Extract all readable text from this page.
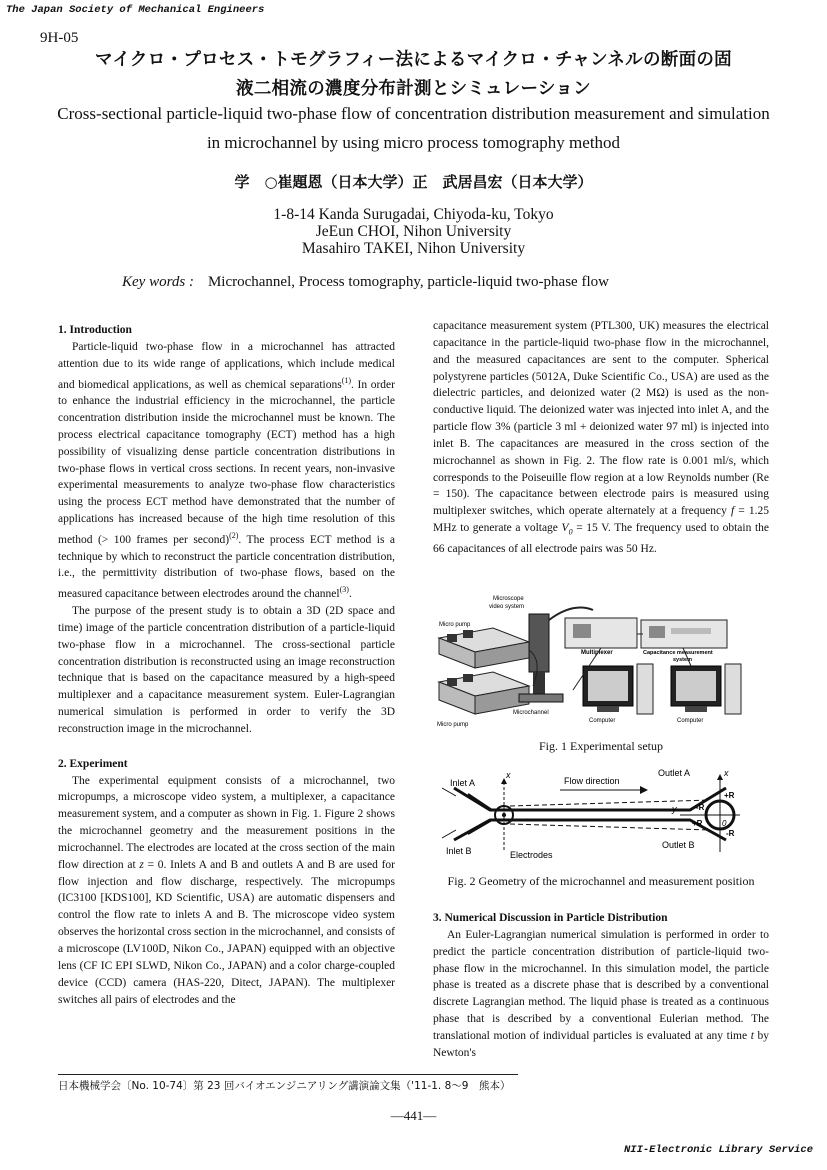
The Japan Society of Mechanical Engineers
9H-05
マイクロ・プロセス・トモグラフィー法によるマイクロ・チャンネルの断面の固
液二相流の濃度分布計測とシミュレーション
Cross-sectional particle-liquid two-phase flow of concentration distribution measurement and simulation
in microchannel by using micro process tomography method
学　○崔題恩（日本大学）正　武居昌宏（日本大学）
1-8-14 Kanda Surugadai, Chiyoda-ku, Tokyo
JeEun CHOI, Nihon University
Masahiro TAKEI, Nihon University
Key words : Microchannel, Process tomography, particle-liquid two-phase flow
1. Introduction

Particle-liquid two-phase flow in a microchannel has attracted attention due to its wide range of applications, which include medical and biomedical applications, as well as chemical separations$^{(1)}$. In order to enhance the industrial efficiency in the microchannel, the particle concentration distribution inside the microchannel must be known. The process electrical capacitance tomography (ECT) method has a high possibility of visualizing dense particle concentration distributions in two-phase flows in vertical cross sections. In recent years, non-invasive experimental measurements to analyze two-phase flow characteristics using the process ECT method have demonstrated that the number of applications has increased because of the high time resolution of this method (> 100 frames per second)$^{(2)}$. The process ECT method is a technique by which to reconstruct the particle concentration distribution, i.e., the permittivity distribution of two-phase flows, based on the measured capacitance between electrodes around the channel$^{(3)}$.

The purpose of the present study is to obtain a 3D (2D space and time) image of the particle concentration distribution of a particle-liquid two-phase flow in a microchannel. The cross-sectional particle concentration distribution is reconstructed using an image reconstruction technique that is based on the capacitance measured by a high-speed multiplexer and a capacitance measurement system. Euler-Lagrangian numerical simulation is performed in order to verify the 3D reconstruction image in the microchannel.

2. Experiment

The experimental equipment consists of a microchannel, two micropumps, a microscope video system, a multiplexer, a capacitance measurement system, and a computer as shown in Fig. 1. Figure 2 shows the microchannel geometry and the measurement positions in the microchannel. The electrodes are located at the cross section of the main flow direction at z = 0. Inlets A and B and outlets A and B are used for flow injection and flow discharge, respectively. The micropumps (IC3100 [KDS100], KD Scientific, USA) are automatic dispensers and control the flow rate to inlets A and B. The microscope video system observes the horizontal cross section in the microchannel, and consists of a microscope (LV100D, Nikon Co., JAPAN) equipped with an objective lens (CF IC EPI SLWD, Nikon Co., JAPAN) and a color charge-coupled device (CCD) camera (HAS-220, Ditect, JAPAN). The multiplexer switches all pairs of electrodes and the

capacitance measurement system (PTL300, UK) measures the electrical capacitance in the particle-liquid two-phase flow in the microchannel, and the measured capacitances are sent to the computer. Spherical polystyrene particles (5012A, Duke Scientific Co., USA) are used as the dielectric particles, and deionized water (2 MΩ) is used as the non-conductive liquid. The deionized water was injected into inlet A, and the particle flow 3% (particle 3 ml + deionized water 97 ml) is injected into inlet B. The capacitances are measured in the cross section of the microchannel as shown in Fig. 2. The flow rate is 0.001 ml/s, which corresponds to the Poiseuille flow region at a low Reynolds number (Re = 150). The capacitance between electrode pairs is measured using multiplexer switches, which operate alternately at a frequency f = 1.25 MHz to generate a voltage $V_0 = 15$ V. The frequency used to obtain the 66 capacitances of all electrode pairs was 50 Hz.

Microscope
video system
Micro pump
Multiplexer	Capacitance measurement
system
Microchannel
Computer	Computer
Micro pump
Fig. 1 Experimental setup
Inlet A
Inlet B
Outlet A
Outlet B
Flow direction
Electrodes
x	x
y
+R
-R
+R
-R
0
Fig. 2 Geometry of the microchannel and measurement position
3. Numerical Discussion in Particle Distribution

An Euler-Lagrangian numerical simulation is performed in order to predict the particle concentration distribution of particle-liquid two-phase flow in the microchannel. In this simulation model, the particle phase is treated as a discrete phase that is described by a conventional discrete Lagrangian method. The liquid phase is treated as a continuous phase that is described by a conventional Eulerian method. The translational motion of individual particles is evaluated at any time t by Newton's

日本機械学会〔No. 10-74〕第 23 回バイオエンジニアリング講演論文集（'11-1. 8～9　熊本）
—441—
NII-Electronic Library Service
